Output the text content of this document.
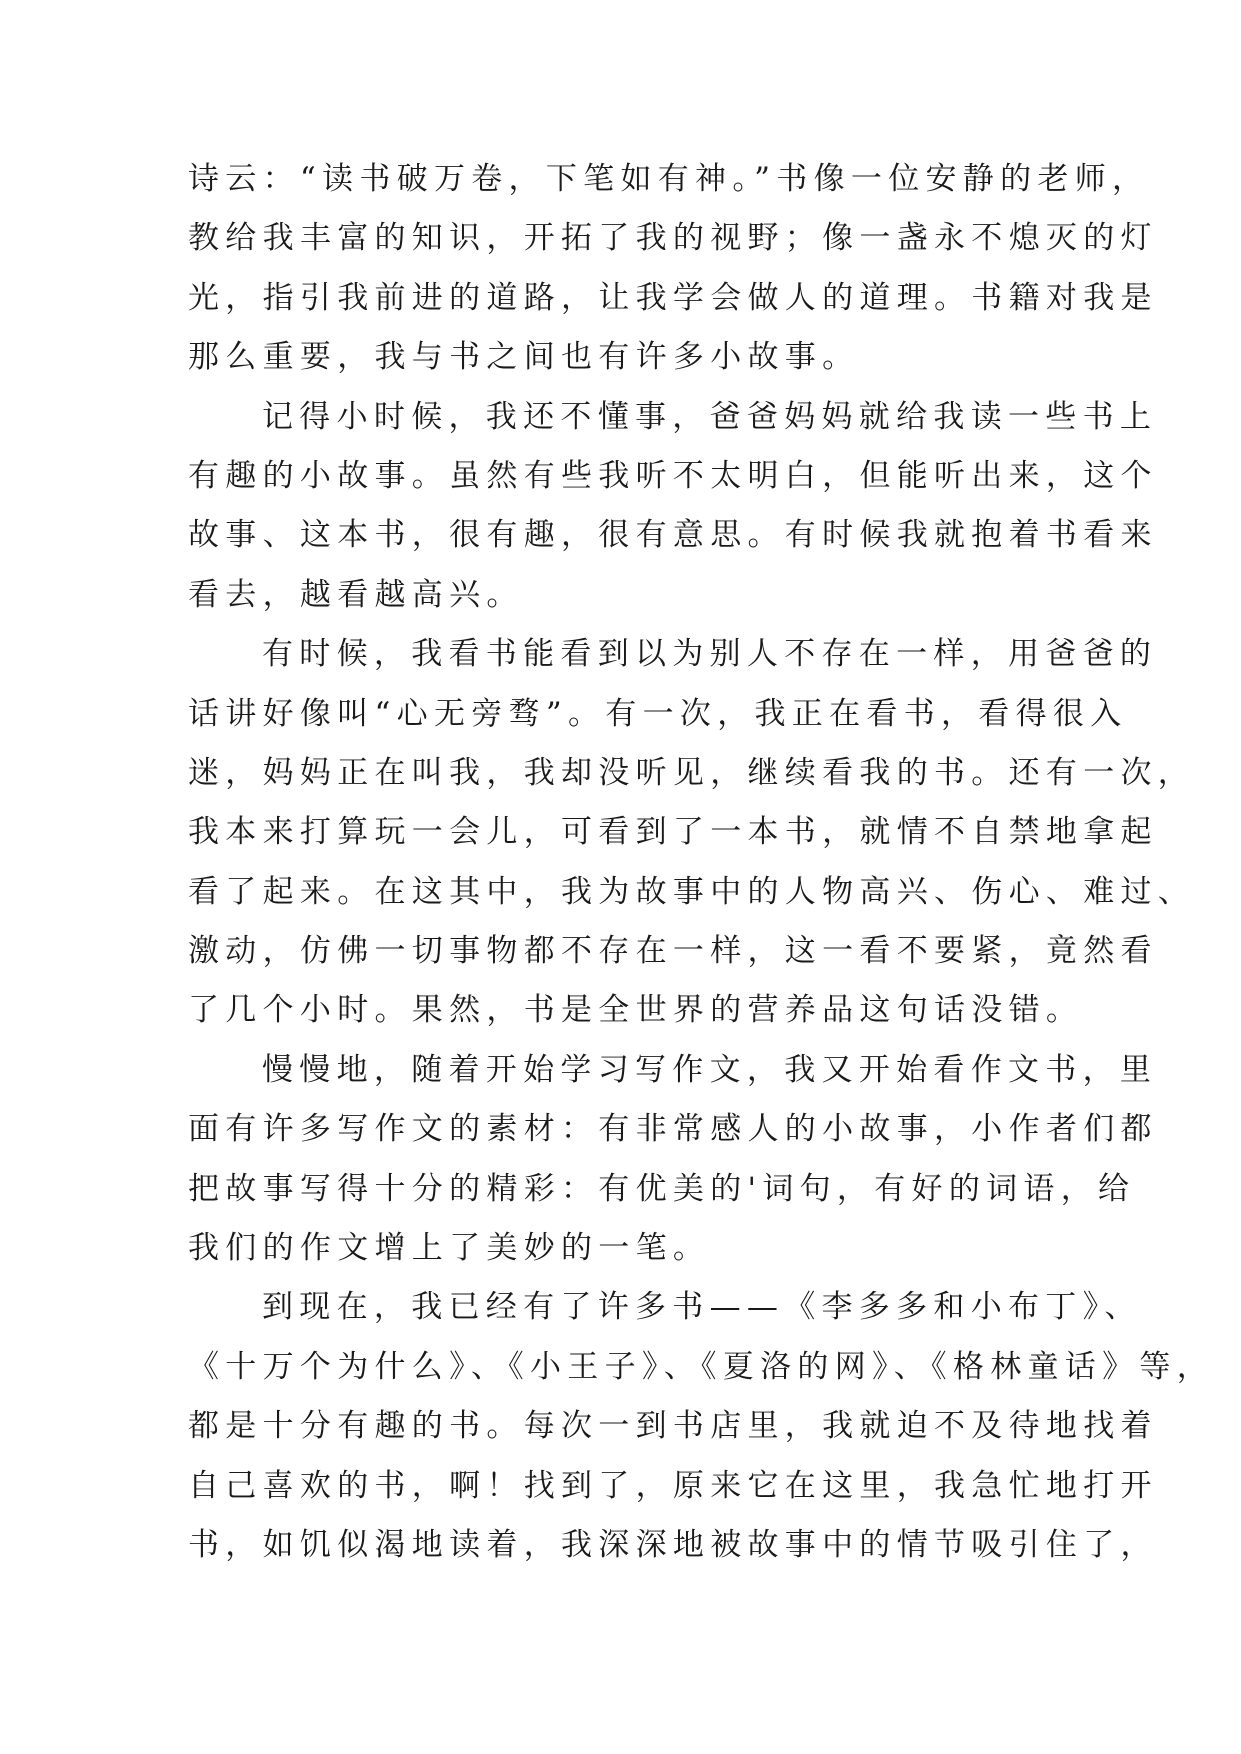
诗云：“读书破万卷，下笔如有神。”书像一位安静的老师，
教给我丰富的知识，开拓了我的视野；像一盏永不熄灭的灯
光，指引我前进的道路，让我学会做人的道理。书籍对我是
那么重要，我与书之间也有许多小故事。
记得小时候，我还不懂事，爸爸妈妈就给我读一些书上
有趣的小故事。虽然有些我听不太明白，但能听出来，这个
故事、这本书，很有趣，很有意思。有时候我就抱着书看来
看去，越看越高兴。
有时候，我看书能看到以为别人不存在一样，用爸爸的
话讲好像叫“心无旁骛”。有一次，我正在看书，看得很入
迷，妈妈正在叫我，我却没听见，继续看我的书。还有一次，
我本来打算玩一会儿，可看到了一本书，就情不自禁地拿起
看了起来。在这其中，我为故事中的人物高兴、伤心、难过、
激动，仿佛一切事物都不存在一样，这一看不要紧，竟然看
了几个小时。果然，书是全世界的营养品这句话没错。
慢慢地，随着开始学习写作文，我又开始看作文书，里
面有许多写作文的素材：有非常感人的小故事，小作者们都
把故事写得十分的精彩：有优美的'词句，有好的词语，给
我们的作文增上了美妙的一笔。
到现在，我已经有了许多书——《李多多和小布丁》、
《十万个为什么》、《小王子》、《夏洛的网》、《格林童话》等，
都是十分有趣的书。每次一到书店里，我就迫不及待地找着
自己喜欢的书，啊！找到了，原来它在这里，我急忙地打开
书，如饥似渴地读着，我深深地被故事中的情节吸引住了，
